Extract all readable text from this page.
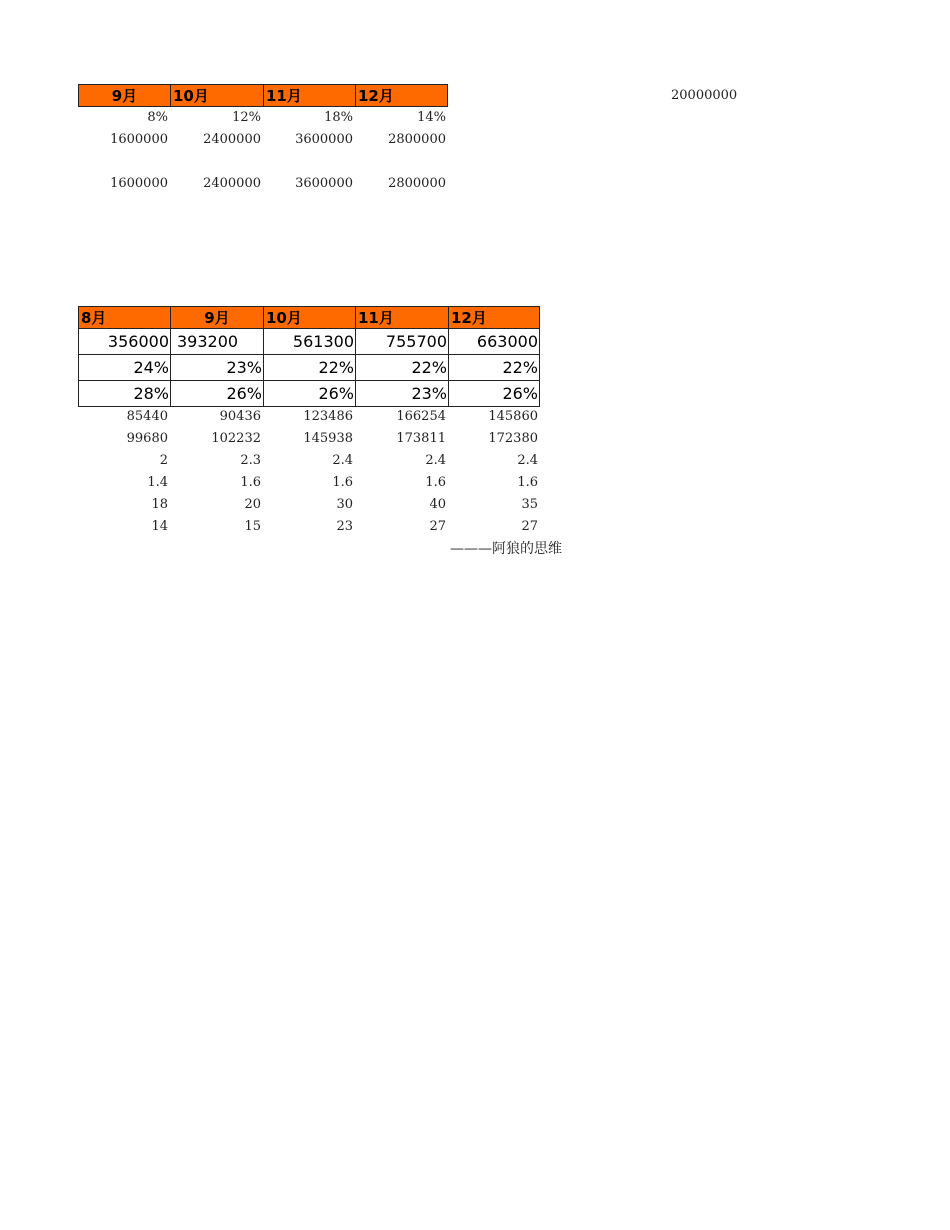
9月	10月	11月	12月
8%	12%	18%	14%
1600000	2400000	3600000	2800000
1600000	2400000	3600000	2800000
20000000
8月	9月	10月	11月	12月
356000 393200	561300	755700	663000
24%	23%	22%	22%	22%
28%	26%	26%	23%	26%
85440	90436	123486	166254	145860
99680	102232	145938	173811	172380
2	2.3	2.4	2.4	2.4
1.4	1.6	1.6	1.6	1.6
18	20	30	40	35
14	15	23	27	27
———阿狼的思维
